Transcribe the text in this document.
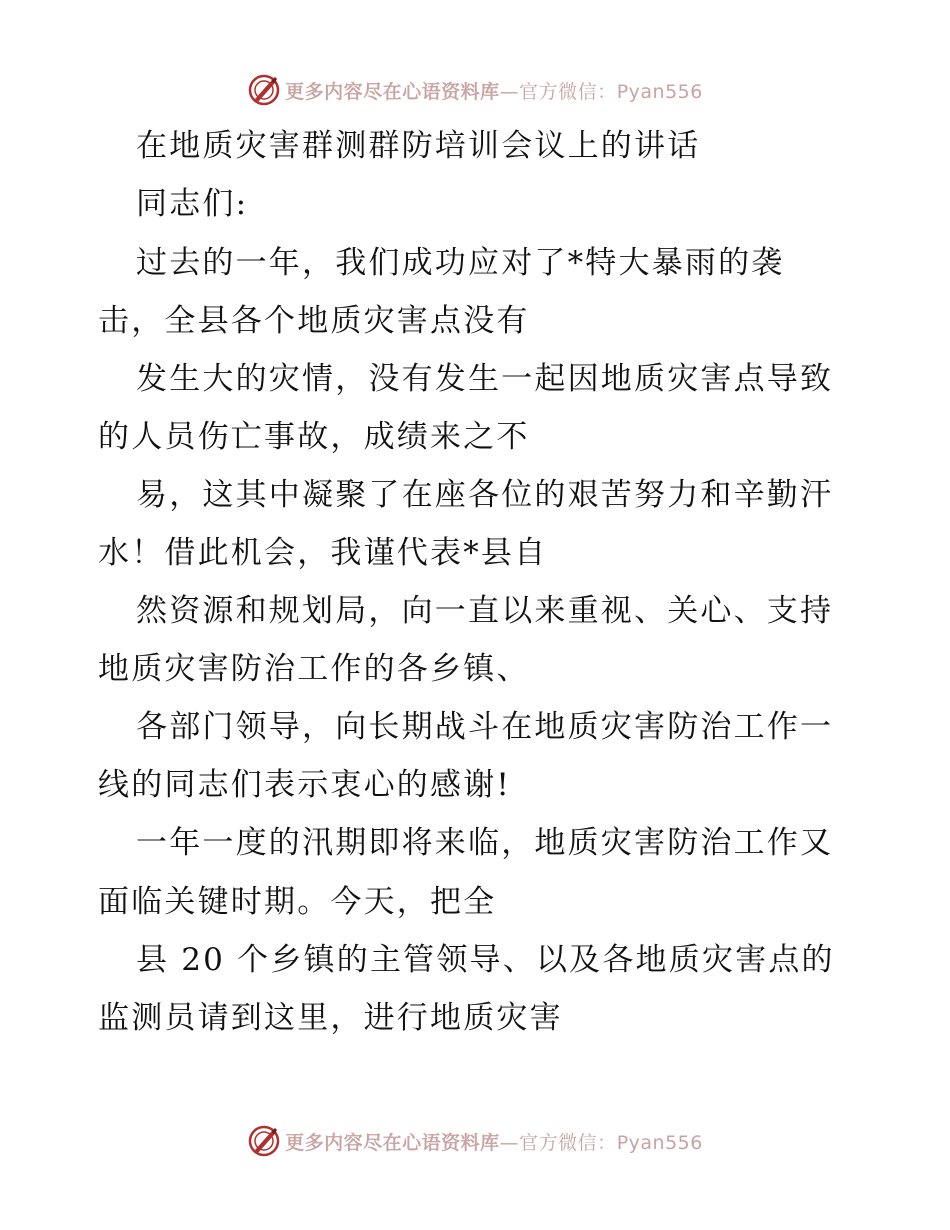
更多内容尽在心语资料库—官方微信：Pyan556
在地质灾害群测群防培训会议上的讲话
同志们:
过去的一年，我们成功应对了*特大暴雨的袭
击，全县各个地质灾害点没有
发生大的灾情，没有发生一起因地质灾害点导致
的人员伤亡事故，成绩来之不
易，这其中凝聚了在座各位的艰苦努力和辛勤汗
水！借此机会，我谨代表*县自
然资源和规划局，向一直以来重视、关心、支持
地质灾害防治工作的各乡镇、
各部门领导，向长期战斗在地质灾害防治工作一
线的同志们表示衷心的感谢!
一年一度的汛期即将来临，地质灾害防治工作又
面临关键时期。今天，把全
县 20 个乡镇的主管领导、以及各地质灾害点的
监测员请到这里，进行地质灾害
更多内容尽在心语资料库—官方微信：Pyan556
